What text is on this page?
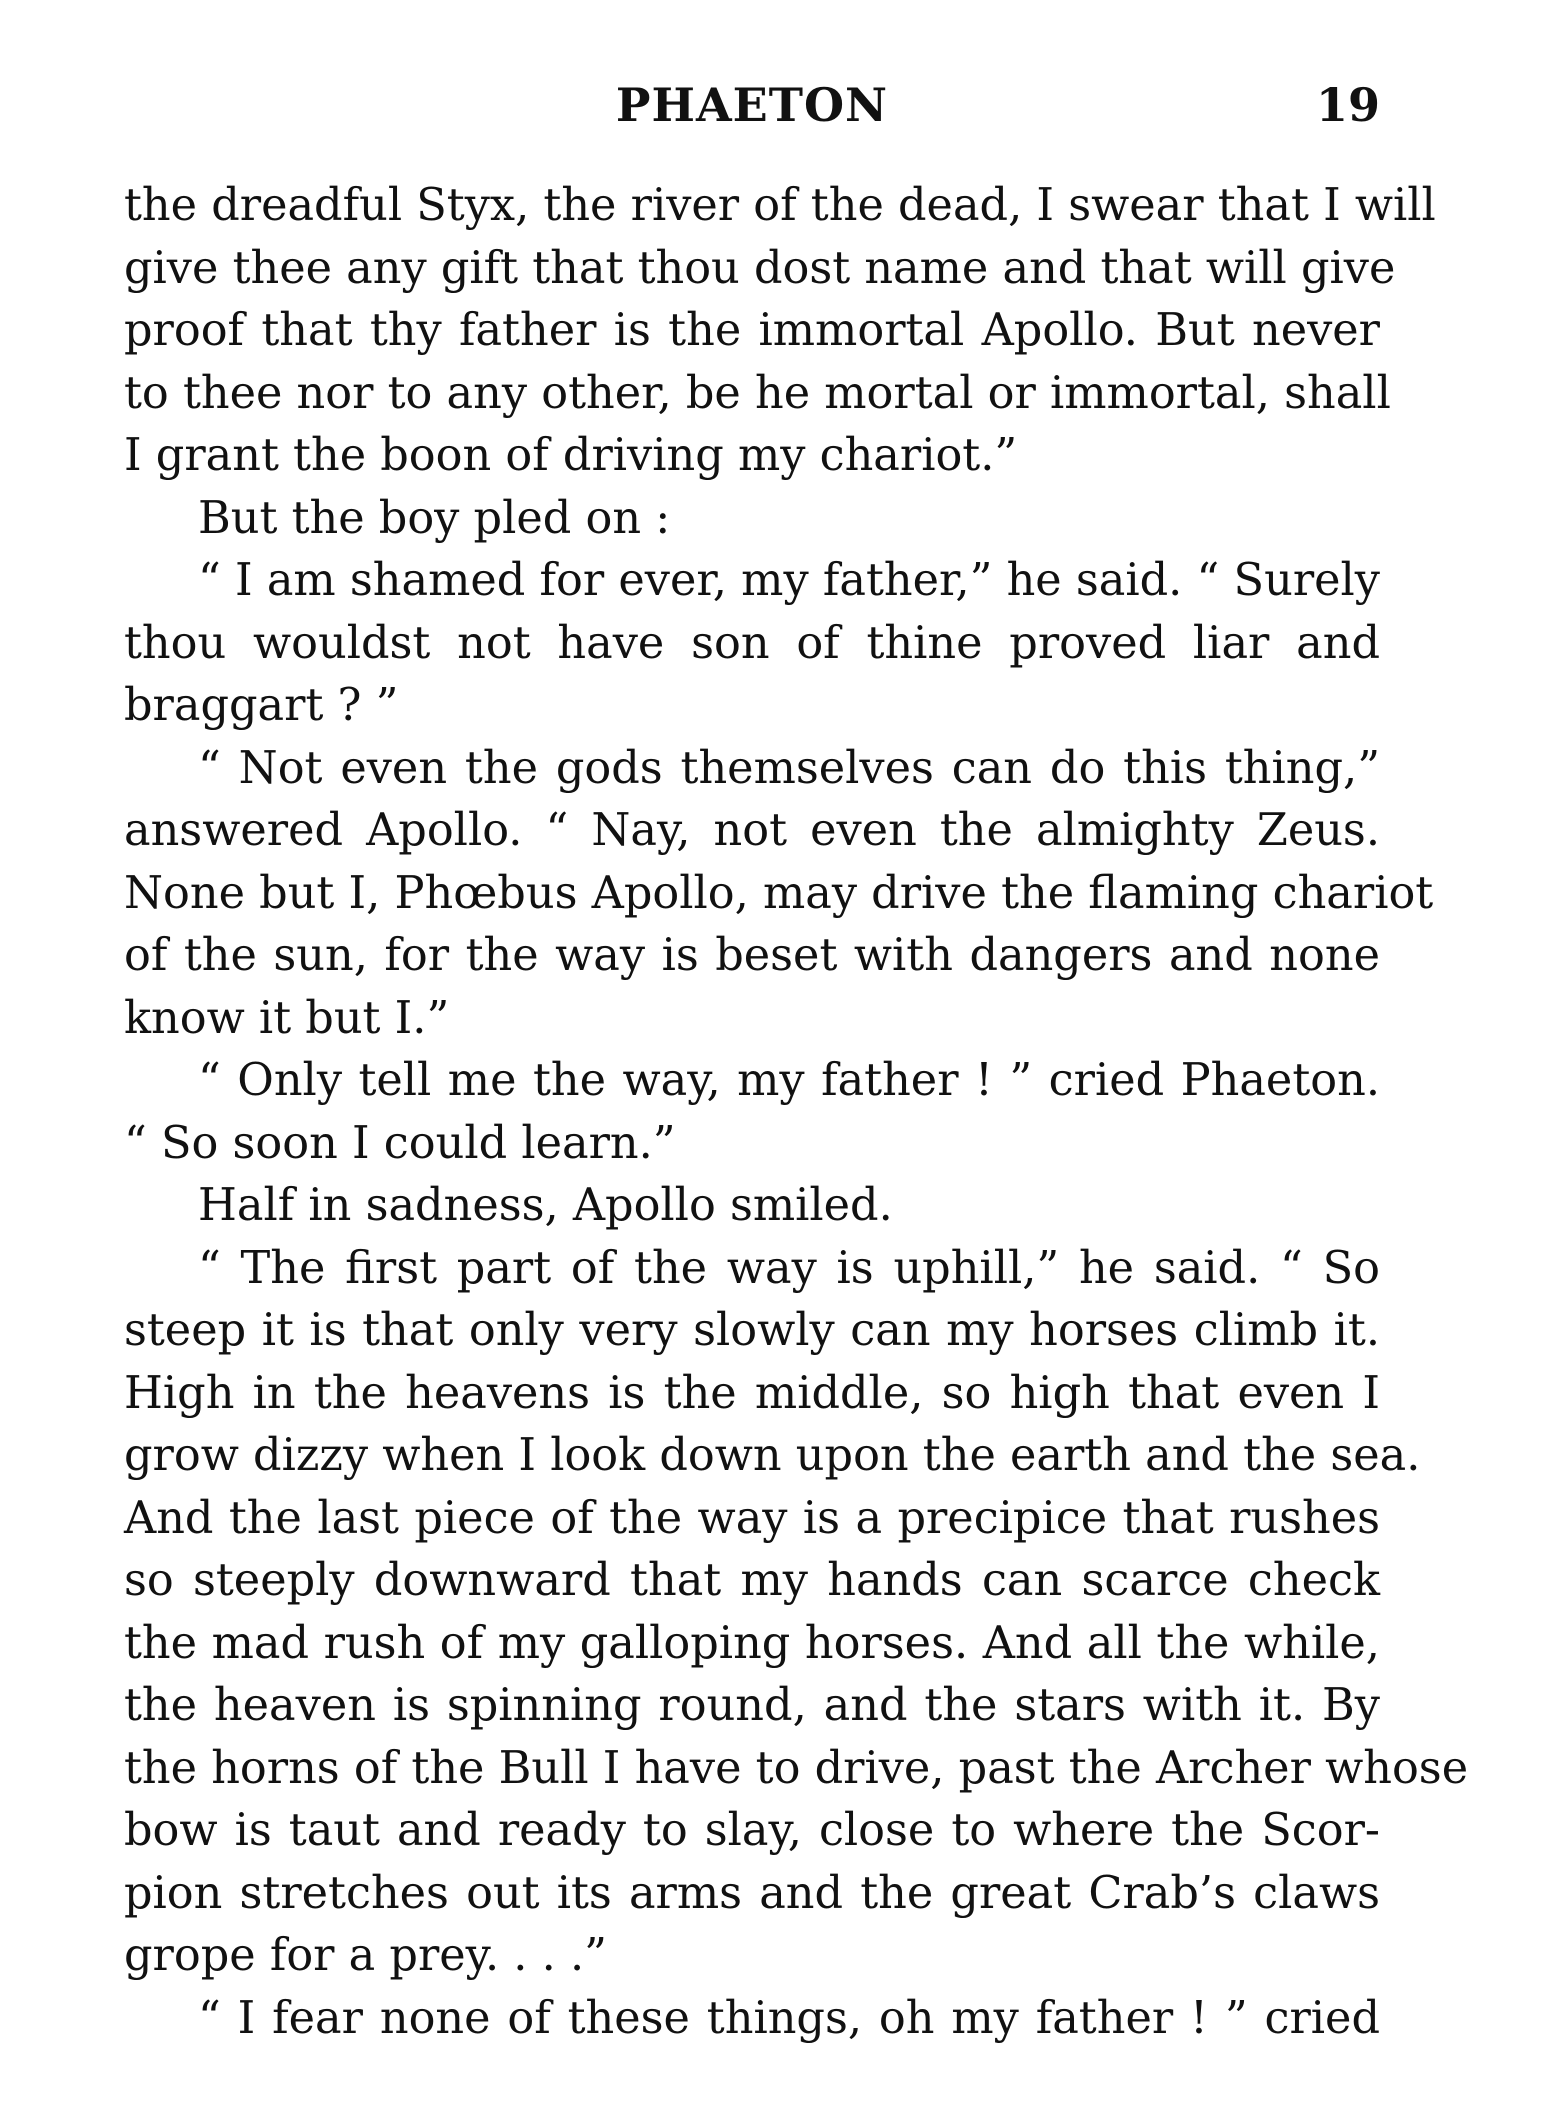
PHAETON	19
the dreadful Styx, the river of the dead, I swear that I will
give thee any gift that thou dost name and that will give
proof that thy father is the immortal Apollo. But never
to thee nor to any other, be he mortal or immortal, shall
I grant the boon of driving my chariot.”
But the boy pled on :
“ I am shamed for ever, my father,” he said. “ Surely
thou wouldst not have son of thine proved liar and
braggart ? ”
“ Not even the gods themselves can do this thing,”
answered Apollo. “ Nay, not even the almighty Zeus.
None but I, Phœbus Apollo, may drive the flaming chariot
of the sun, for the way is beset with dangers and none
know it but I.”
“ Only tell me the way, my father ! ” cried Phaeton.
“ So soon I could learn.”
Half in sadness, Apollo smiled.
“ The first part of the way is uphill,” he said. “ So
steep it is that only very slowly can my horses climb it.
High in the heavens is the middle, so high that even I
grow dizzy when I look down upon the earth and the sea.
And the last piece of the way is a precipice that rushes
so steeply downward that my hands can scarce check
the mad rush of my galloping horses. And all the while,
the heaven is spinning round, and the stars with it. By
the horns of the Bull I have to drive, past the Archer whose
bow is taut and ready to slay, close to where the Scor-
pion stretches out its arms and the great Crab’s claws
grope for a prey. . . .”
“ I fear none of these things, oh my father ! ” cried
